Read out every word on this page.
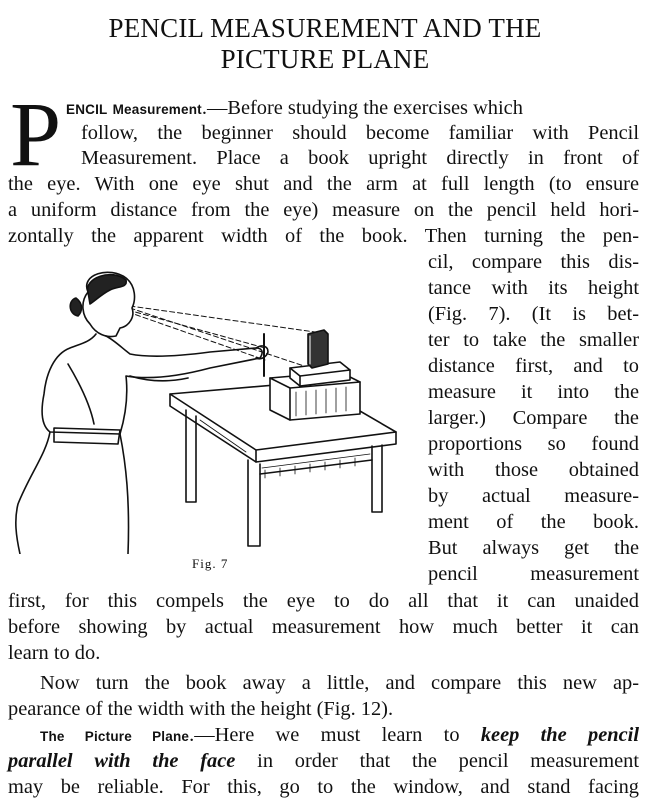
PENCIL MEASUREMENT AND THE
PICTURE PLANE
P ENCIL Measurement.—Before studying the exercises which
follow, the beginner should become familiar with Pencil
Measurement. Place a book upright directly in front of
the eye. With one eye shut and the arm at full length (to ensure
a uniform distance from the eye) measure on the pencil held hori-
zontally the apparent width of the book. Then turning the pen-
cil, compare this dis-
tance with its height
(Fig. 7). (It is bet-
ter to take the smaller
distance first, and to
measure it into the
larger.) Compare the
proportions so found
with those obtained
by actual measure-
ment of the book.
But always get the
pencil measurement
first, for this compels the eye to do all that it can unaided
before showing by actual measurement how much better it can
learn to do.
Now turn the book away a little, and compare this new ap-
pearance of the width with the height (Fig. 12).
The Picture Plane.—Here we must learn to keep the pencil
parallel with the face in order that the pencil measurement
may be reliable. For this, go to the window, and stand facing
Fig. 7
